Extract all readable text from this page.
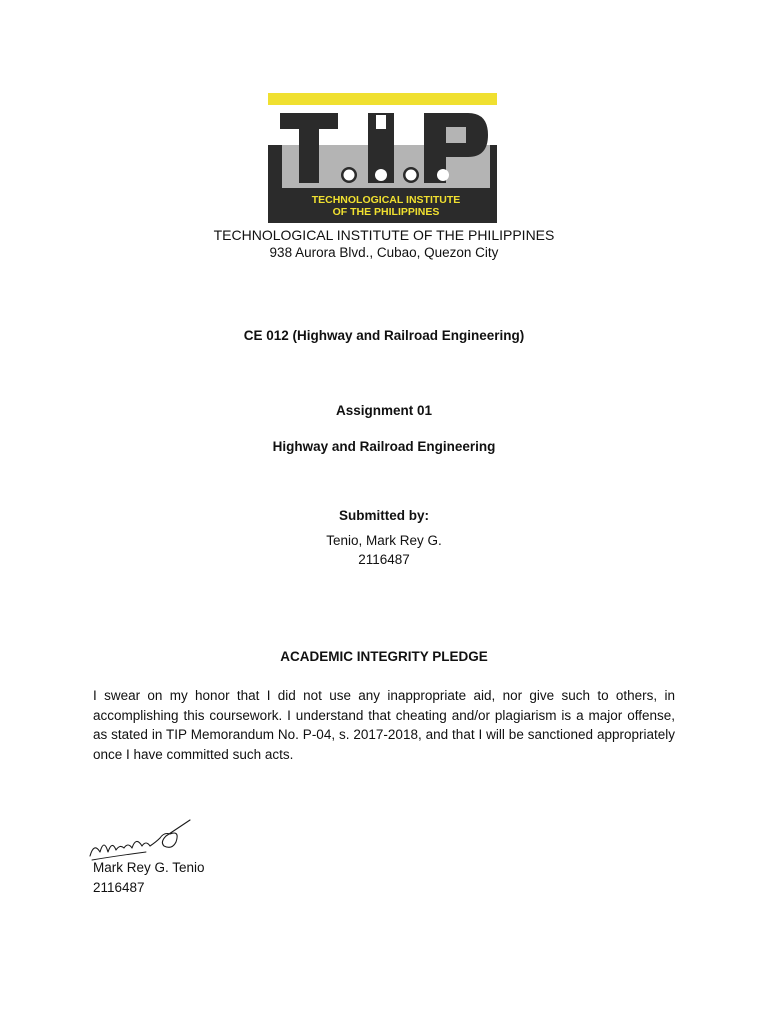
TECHNOLOGICAL INSTITUTE
OF THE PHILIPPINES
TECHNOLOGICAL INSTITUTE OF THE PHILIPPINES
938 Aurora Blvd., Cubao, Quezon City
CE 012 (Highway and Railroad Engineering)
Assignment 01
Highway and Railroad Engineering
Submitted by:
Tenio, Mark Rey G.
2116487
ACADEMIC INTEGRITY PLEDGE
I swear on my honor that I did not use any inappropriate aid, nor give such to others, in accomplishing this coursework. I understand that cheating and/or plagiarism is a major offense, as stated in TIP Memorandum No. P-04, s. 2017-2018, and that I will be sanctioned appropriately once I have committed such acts.
Mark Rey G. Tenio
2116487
